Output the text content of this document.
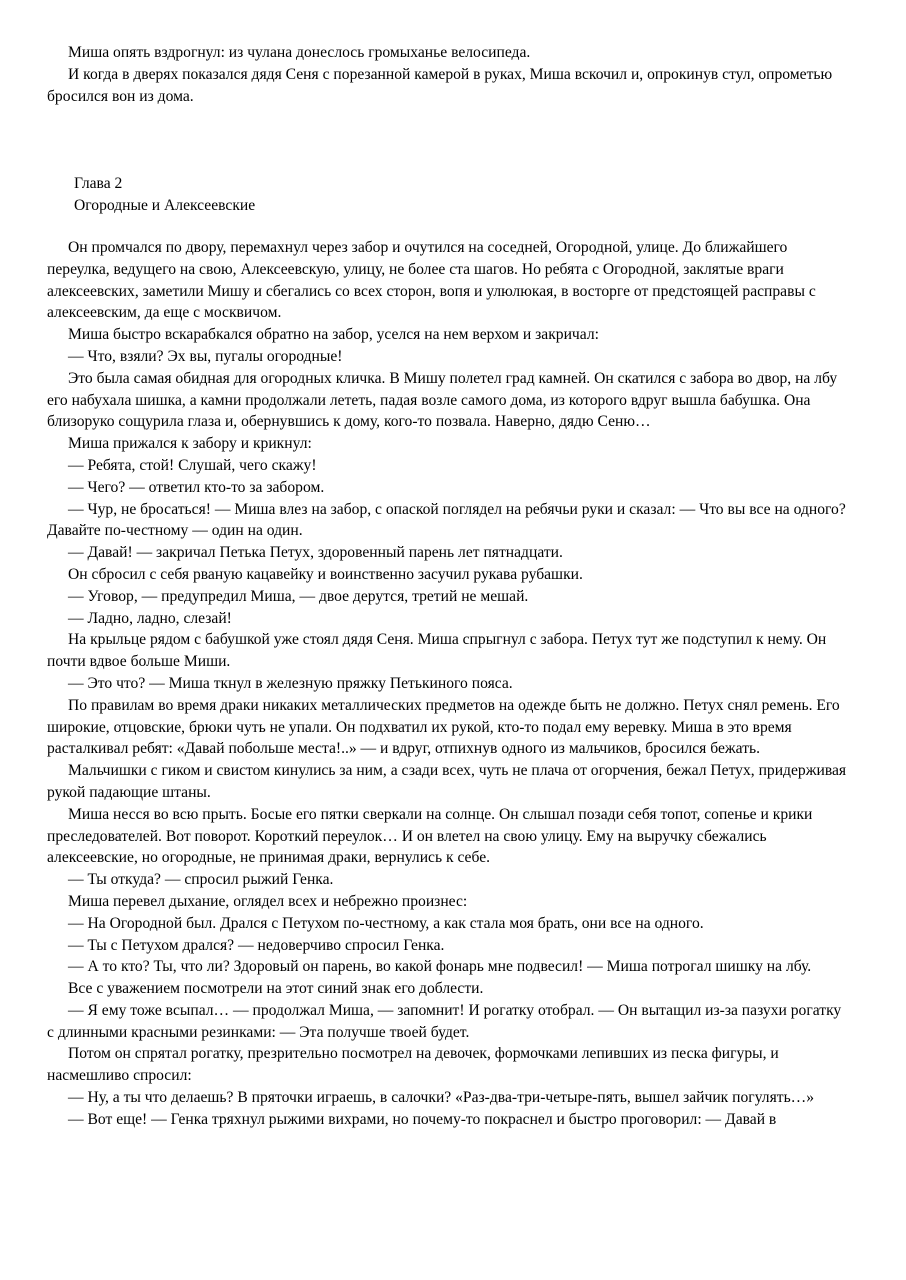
Миша опять вздрогнул: из чулана донеслось громыханье велосипеда.

И когда в дверях показался дядя Сеня с порезанной камерой в руках, Миша вскочил и, опрокинув стул, опрометью бросился вон из дома.

Глава 2
Огородные и Алексеевские

Он промчался по двору, перемахнул через забор и очутился на соседней, Огородной, улице. До ближайшего переулка, ведущего на свою, Алексеевскую, улицу, не более ста шагов. Но ребята с Огородной, заклятые враги алексеевских, заметили Мишу и сбегались со всех сторон, вопя и улюлюкая, в восторге от предстоящей расправы с алексеевским, да еще с москвичом.

Миша быстро вскарабкался обратно на забор, уселся на нем верхом и закричал:

— Что, взяли? Эх вы, пугалы огородные!

Это была самая обидная для огородных кличка. В Мишу полетел град камней. Он скатился с забора во двор, на лбу его набухала шишка, а камни продолжали лететь, падая возле самого дома, из которого вдруг вышла бабушка. Она близоруко сощурила глаза и, обернувшись к дому, кого-то позвала. Наверно, дядю Сеню…

Миша прижался к забору и крикнул:

— Ребята, стой! Слушай, чего скажу!

— Чего? — ответил кто-то за забором.

— Чур, не бросаться! — Миша влез на забор, с опаской поглядел на ребячьи руки и сказал: — Что вы все на одного? Давайте по-честному — один на один.

— Давай! — закричал Петька Петух, здоровенный парень лет пятнадцати.

Он сбросил с себя рваную кацавейку и воинственно засучил рукава рубашки.

— Уговор, — предупредил Миша, — двое дерутся, третий не мешай.

— Ладно, ладно, слезай!

На крыльце рядом с бабушкой уже стоял дядя Сеня. Миша спрыгнул с забора. Петух тут же подступил к нему. Он почти вдвое больше Миши.

— Это что? — Миша ткнул в железную пряжку Петькиного пояса.

По правилам во время драки никаких металлических предметов на одежде быть не должно. Петух снял ремень. Его широкие, отцовские, брюки чуть не упали. Он подхватил их рукой, кто-то подал ему веревку. Миша в это время расталкивал ребят: «Давай побольше места!..» — и вдруг, отпихнув одного из мальчиков, бросился бежать.

Мальчишки с гиком и свистом кинулись за ним, а сзади всех, чуть не плача от огорчения, бежал Петух, придерживая рукой падающие штаны.

Миша несся во всю прыть. Босые его пятки сверкали на солнце. Он слышал позади себя топот, сопенье и крики преследователей. Вот поворот. Короткий переулок… И он влетел на свою улицу. Ему на выручку сбежались алексеевские, но огородные, не принимая драки, вернулись к себе.

— Ты откуда? — спросил рыжий Генка.

Миша перевел дыхание, оглядел всех и небрежно произнес:

— На Огородной был. Дрался с Петухом по-честному, а как стала моя брать, они все на одного.

— Ты с Петухом дрался? — недоверчиво спросил Генка.

— А то кто? Ты, что ли? Здоровый он парень, во какой фонарь мне подвесил! — Миша потрогал шишку на лбу.

Все с уважением посмотрели на этот синий знак его доблести.

— Я ему тоже всыпал… — продолжал Миша, — запомнит! И рогатку отобрал. — Он вытащил из-за пазухи рогатку с длинными красными резинками: — Эта получше твоей будет.

Потом он спрятал рогатку, презрительно посмотрел на девочек, формочками лепивших из песка фигуры, и насмешливо спросил:

— Ну, а ты что делаешь? В пряточки играешь, в салочки? «Раз-два-три-четыре-пять, вышел зайчик погулять…»

— Вот еще! — Генка тряхнул рыжими вихрами, но почему-то покраснел и быстро проговорил: — Давай в
